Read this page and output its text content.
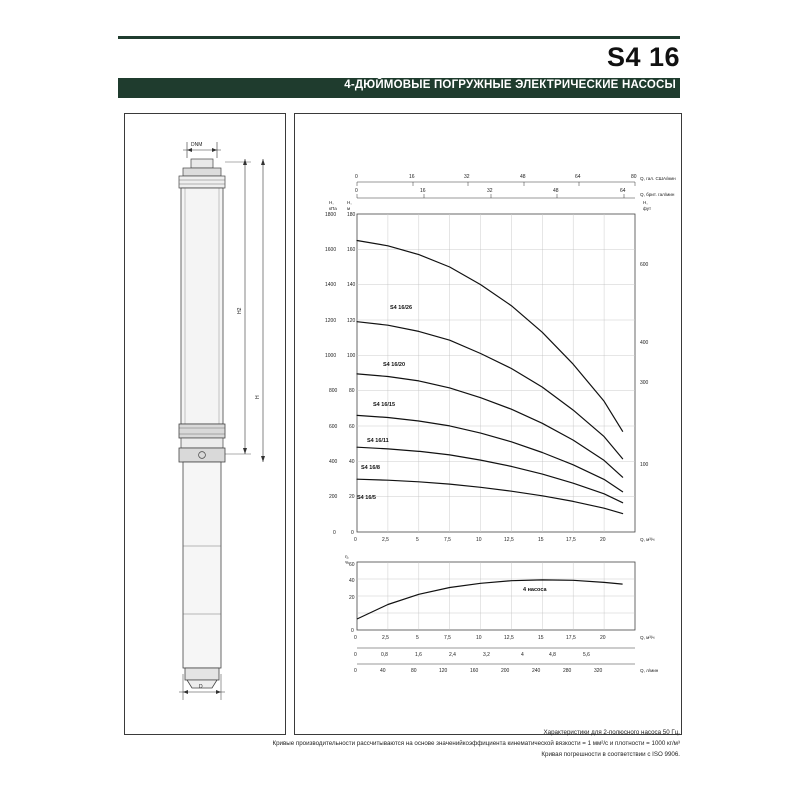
S4 16
4-ДЮЙМОВЫЕ ПОГРУЖНЫЕ ЭЛЕКТРИЧЕСКИЕ НАСОСЫ
DNM
H2
H
D
Q, гал. США/мин
0	16	32	48	64	80
Q, брит. гал/мин
0	16	32	48	64
H,
кПа
H,
м
H,
фут
180
160
140
120
100
80
60
40
20
0
1800
1600
1400
1200
1000
800
600
400
200
0
600
400
300
100
0	2,5	5	7,5	10	12,5	15	17,5	20	Q, м³/ч
S4 16/26
S4 16/20
S4 16/15
S4 16/11
S4 16/8
S4 16/5
η,
% 60
40
20
0
4 насоса
0	2,5	5	7,5	10	12,5	15	17,5	20	Q, м³/ч
0	0,8	1,6	2,4	3,2	4	4,8	5,6
0	40	80	120	160	200	240	280	320	Q, л/мин
Характеристики для 2-полюсного насоса 50 Гц.
Кривые производительности рассчитываются на основе значенийкоэффициента кинематической вязкости = 1 мм²/с и плотности = 1000 кг/м³
Кривая погрешности в соответствии с ISO 9906.
